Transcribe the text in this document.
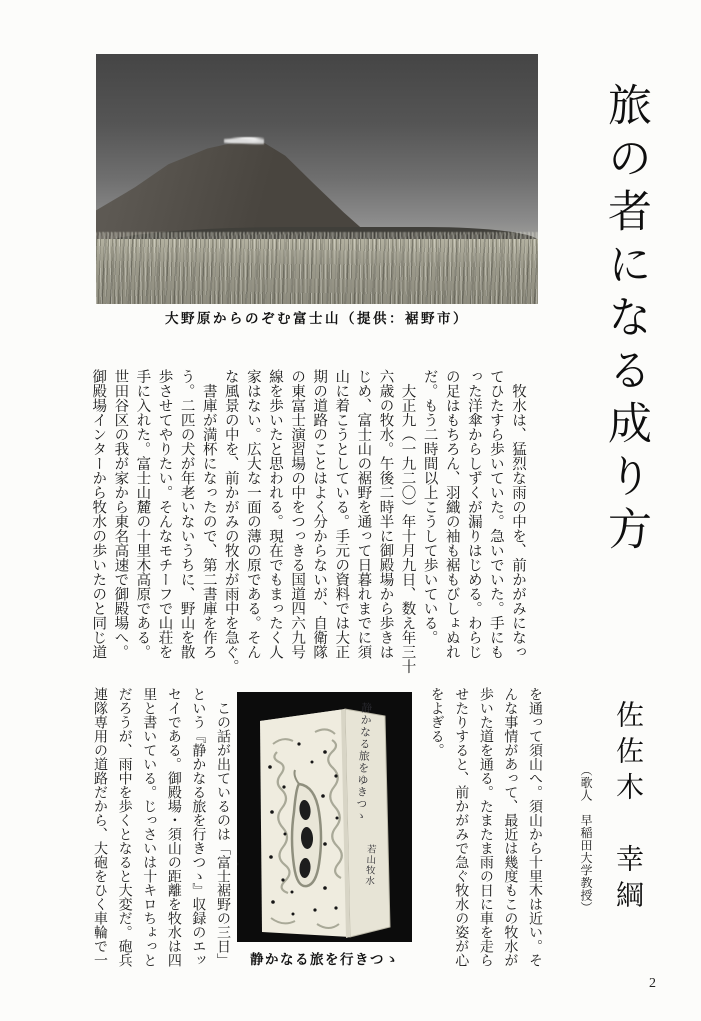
大野原からのぞむ富士山（提供：裾野市）	旅の者になる成り方
佐佐木　幸綱
（歌人　早稲田大学教授）
　牧水は、猛烈な雨の中を、前かがみになっ
てひたすら歩いていた。急いでいた。手にも
った洋傘からしずくが漏りはじめる。わらじ
の足はもちろん、羽織の袖も裾もびしょぬれ
だ。もう二時間以上こうして歩いている。
　大正九（一九二〇）年十月九日、数え年三十
六歳の牧水。午後二時半に御殿場から歩きは
じめ、富士山の裾野を通って日暮れまでに須
山に着こうとしている。手元の資料では大正
期の道路のことはよく分からないが、自衛隊
の東富士演習場の中をつっきる国道四六九号
線を歩いたと思われる。現在でもまったく人
家はない。広大な一面の薄の原である。そん
な風景の中を、前かがみの牧水が雨中を急ぐ。
　書庫が満杯になったので、第二書庫を作ろ
う。二匹の犬が年老いないうちに、野山を散
歩させてやりたい。そんなモチーフで山荘を
手に入れた。富士山麓の十里木高原である。
世田谷区の我が家から東名高速で御殿場へ。
御殿場インターから牧水の歩いたのと同じ道
を通って須山へ。須山から十里木は近い。そ
んな事情があって、最近は幾度もこの牧水が
歩いた道を通る。たまたま雨の日に車を走ら
せたりすると、前かがみで急ぐ牧水の姿が心
をよぎる。
　この話が出ているのは「富士裾野の三日」
という『静かなる旅を行きつゝ』収録のエッ
セイである。御殿場・須山の距離を牧水は四
里と書いている。じっさいは十キロちょっと
だろうが、雨中を歩くとなると大変だ。砲兵
連隊専用の道路だから、大砲をひく車輪で一	静かなる旅をゆきつゝ
若山牧水
静かなる旅を行きつゝ
2
